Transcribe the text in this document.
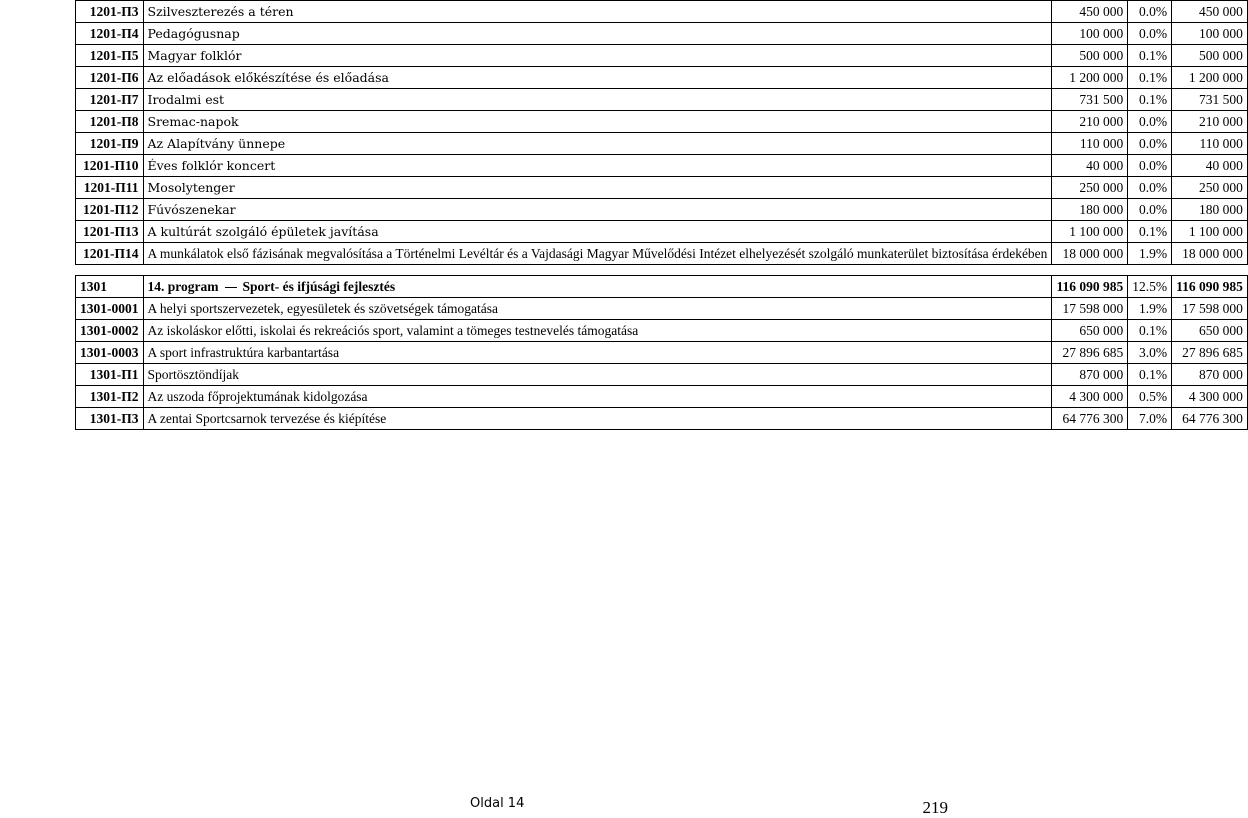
1201-П3	Szilveszterezés a téren	450 000	0.0%	450 000
1201-П4	Pedagógusnap	100 000	0.0%	100 000
1201-П5	Magyar folklór	500 000	0.1%	500 000
1201-П6	Az előadások előkészítése és előadása	1 200 000	0.1%	1 200 000
1201-П7	Irodalmi est	731 500	0.1%	731 500
1201-П8	Sremac-napok	210 000	0.0%	210 000
1201-П9	Az Alapítvány ünnepe	110 000	0.0%	110 000
1201-П10	Éves folklór koncert	40 000	0.0%	40 000
1201-П11	Mosolytenger	250 000	0.0%	250 000
1201-П12	Fúvószenekar	180 000	0.0%	180 000
1201-П13	A kultúrát szolgáló épületek javítása	1 100 000	0.1%	1 100 000
1201-П14	A munkálatok első fázisának megvalósítása a Történelmi Levéltár és a Vajdasági Magyar Művelődési Intézet elhelyezését szolgáló munkaterület biztosítása érdekében	18 000 000	1.9%	18 000 000

1301	14. program Sport- és ifjúsági fejlesztés	116 090 985	12.5%	116 090 985
1301-0001	A helyi sportszervezetek, egyesületek és szövetségek támogatása	17 598 000	1.9%	17 598 000
1301-0002	Az iskoláskor előtti, iskolai és rekreációs sport, valamint a tömeges testnevelés támogatása	650 000	0.1%	650 000
1301-0003	A sport infrastruktúra karbantartása	27 896 685	3.0%	27 896 685
1301-П1	Sportösztöndíjak	870 000	0.1%	870 000
1301-П2	Az uszoda főprojektumának kidolgozása	4 300 000	0.5%	4 300 000
1301-П3	A zentai Sportcsarnok tervezése és kiépítése	64 776 300	7.0%	64 776 300
Oldal 14	219
